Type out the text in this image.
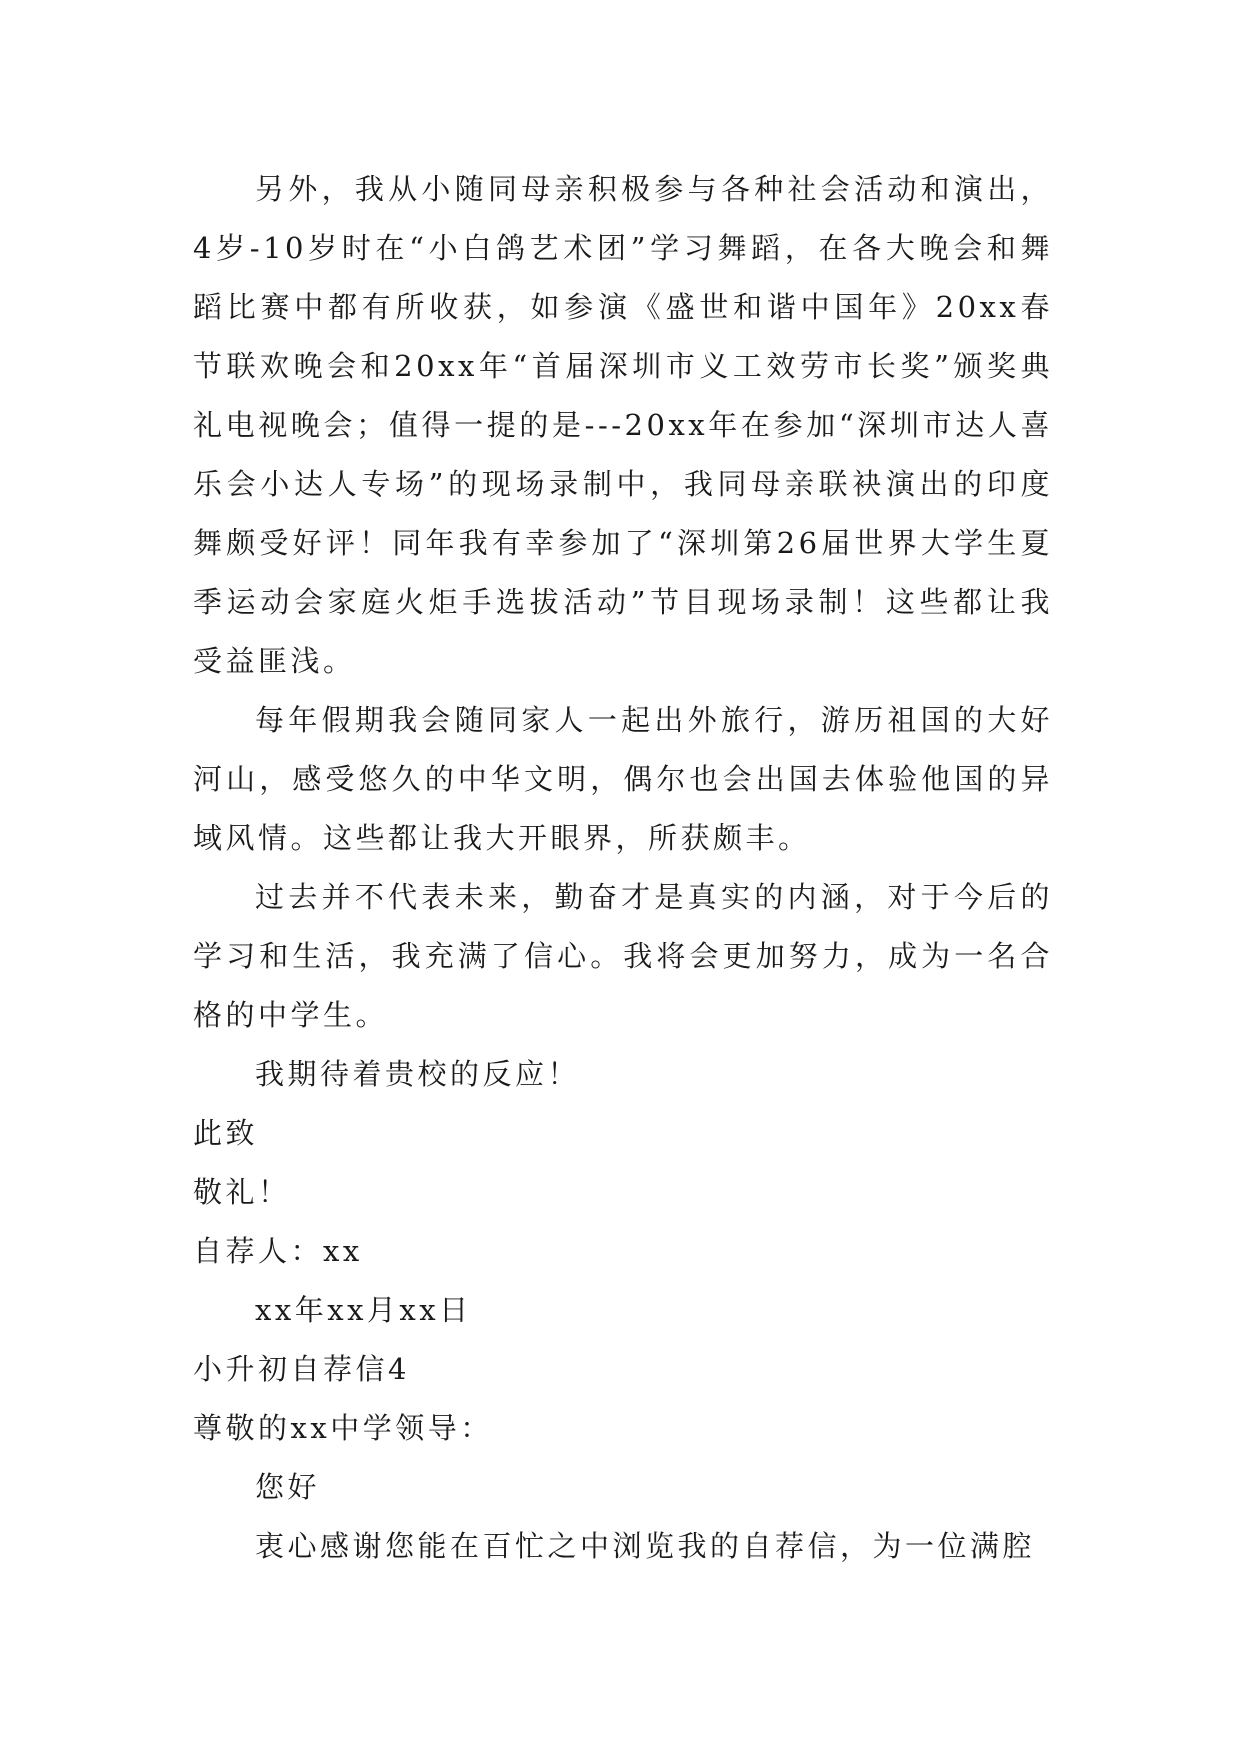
另外，我从小随同母亲积极参与各种社会活动和演出，4岁-10岁时在“小白鸽艺术团”学习舞蹈，在各大晚会和舞蹈比赛中都有所收获，如参演《盛世和谐中国年》20xx春节联欢晚会和20xx年“首届深圳市义工效劳市长奖”颁奖典礼电视晚会；值得一提的是---20xx年在参加“深圳市达人喜乐会小达人专场”的现场录制中，我同母亲联袂演出的印度舞颇受好评！同年我有幸参加了“深圳第26届世界大学生夏季运动会家庭火炬手选拔活动”节目现场录制！这些都让我受益匪浅。

每年假期我会随同家人一起出外旅行，游历祖国的大好河山，感受悠久的中华文明，偶尔也会出国去体验他国的异域风情。这些都让我大开眼界，所获颇丰。

过去并不代表未来，勤奋才是真实的内涵，对于今后的学习和生活，我充满了信心。我将会更加努力，成为一名合格的中学生。

我期待着贵校的反应！

此致

敬礼！

自荐人：xx

xx年xx月xx日

小升初自荐信4

尊敬的xx中学领导：

您好

衷心感谢您能在百忙之中浏览我的自荐信，为一位满腔
